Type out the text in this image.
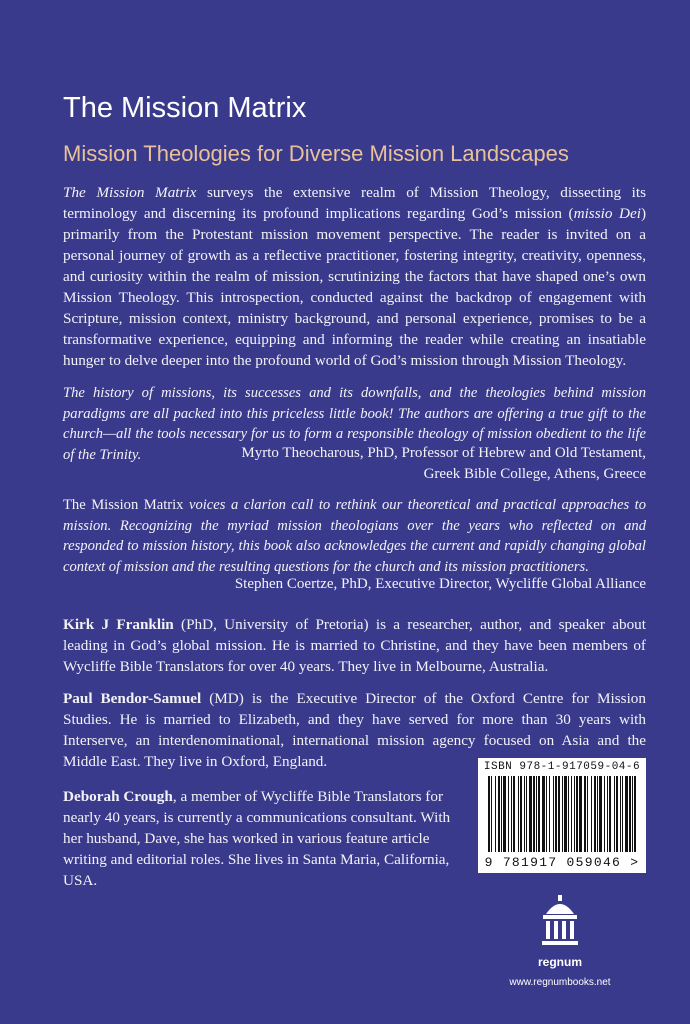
The Mission Matrix
Mission Theologies for Diverse Mission Landscapes

The Mission Matrix surveys the extensive realm of Mission Theology, dissecting its terminology and discerning its profound implications regarding God’s mission (missio Dei) primarily from the Protestant mission movement perspective. The reader is invited on a personal journey of growth as a reflective practitioner, fostering integrity, creativity, openness, and curiosity within the realm of mission, scrutinizing the factors that have shaped one’s own Mission Theology. This introspection, conducted against the backdrop of engagement with Scripture, mission context, ministry background, and personal experience, promises to be a transformative experience, equipping and informing the reader while creating an insatiable hunger to delve deeper into the profound world of God’s mission through Mission Theology.

The history of missions, its successes and its downfalls, and the theologies behind mission paradigms are all packed into this priceless little book! The authors are offering a true gift to the church—all the tools necessary for us to form a responsible theology of mission obedient to the life of the Trinity.	Myrto Theocharous, PhD, Professor of Hebrew and Old Testament,
Greek Bible College, Athens, Greece

The Mission Matrix voices a clarion call to rethink our theoretical and practical approaches to mission. Recognizing the myriad mission theologians over the years who reflected on and responded to mission history, this book also acknowledges the current and rapidly changing global context of mission and the resulting questions for the church and its mission practitioners.

Stephen Coertze, PhD, Executive Director, Wycliffe Global Alliance

Kirk J Franklin (PhD, University of Pretoria) is a researcher, author, and speaker about leading in God’s global mission. He is married to Christine, and they have been members of Wycliffe Bible Translators for over 40 years. They live in Melbourne, Australia.

Paul Bendor-Samuel (MD) is the Executive Director of the Oxford Centre for Mission Studies. He is married to Elizabeth, and they have served for more than 30 years with Interserve, an interdenominational, international mission agency focused on Asia and the Middle East. They live in Oxford, England.

Deborah Crough, a member of Wycliffe Bible Translators for nearly 40 years, is currently a communications consultant. With her husband, Dave, she has worked in various feature article writing and editorial roles. She lives in Santa Maria, California, USA.

ISBN 978-1-917059-04-6
9 781917 059046 >
regnum
www.regnumbooks.net
